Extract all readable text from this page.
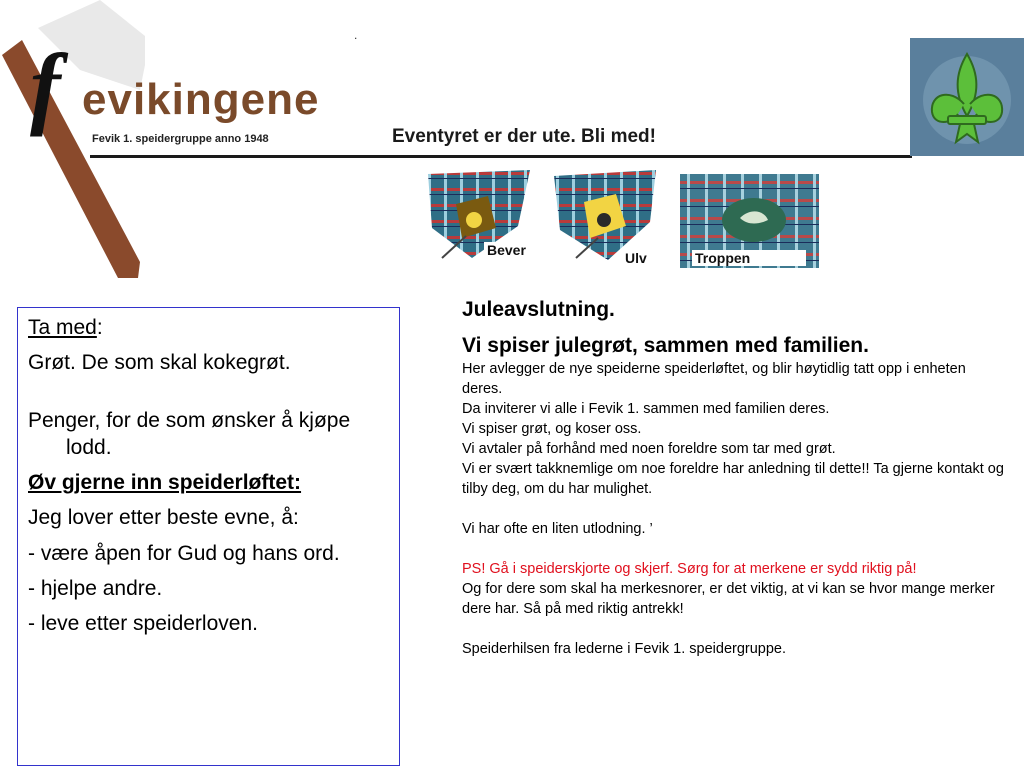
f evikingene
Fevik 1. speidergruppe anno 1948
.
Eventyret er der ute. Bli med!
Bever	Ulv	Troppen

Ta med:

Grøt. De som skal kokegrøt.

Penger, for de som ønsker å kjøpe lodd.

Øv gjerne inn speiderløftet:

Jeg lover etter beste evne, å:

- være åpen for Gud og hans ord.

- hjelpe andre.

- leve etter speiderloven.

Juleavslutning.

Vi spiser julegrøt, sammen med familien.

Her avlegger de nye speiderne speiderløftet, og blir høytidlig tatt opp i enheten deres.

Da inviterer vi alle i Fevik 1. sammen med familien deres.

Vi spiser grøt, og koser oss.

Vi avtaler på forhånd med noen foreldre som tar med grøt.

Vi er svært takknemlige om noe foreldre har anledning til dette!! Ta gjerne kontakt og tilby deg, om du har mulighet.

Vi har ofte en liten utlodning. ’

PS! Gå i speiderskjorte og skjerf. Sørg for at merkene er sydd riktig på!

Og for dere som skal ha merkesnorer, er det viktig, at vi kan se hvor mange merker dere har. Så på med riktig antrekk!

Speiderhilsen fra lederne i Fevik 1. speidergruppe.
